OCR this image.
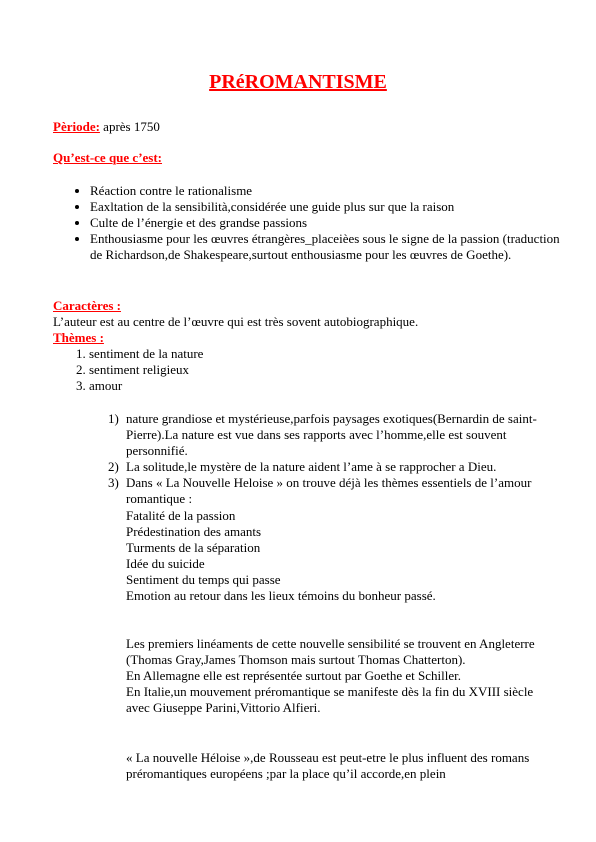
PRéROMANTISME
Pèriode: après 1750
Qu’est-ce que c’est:
• Réaction contre le rationalisme
• Eaxltation de la sensibilità,considérée une guide plus sur que la raison
• Culte de l’énergie et des grandse passions
• Enthousiasme pour les œuvres étrangères_placeièes sous le signe de la passion (traduction de Richardson,de Shakespeare,surtout enthousiasme pour les œuvres de Goethe).
Caractères :
L’auteur est au centre de l’œuvre qui est très sovent autobiographique.
Thèmes :
1. sentiment de la nature
2. sentiment religieux
3. amour
1) nature grandiose et mystérieuse,parfois paysages exotiques(Bernardin de saint-Pierre).La nature est vue dans ses rapports avec l’homme,elle est souvent personnifié.
2) La solitude,le mystère de la nature aident l’ame à se rapprocher a Dieu.
3) Dans « La Nouvelle Heloise » on trouve déjà les thèmes essentiels de l’amour romantique :

Fatalité de la passion

Prédestination des amants

Turments de la séparation

Idée du suicide

Sentiment du temps qui passe

Emotion au retour dans les lieux témoins du bonheur passé.

Les premiers linéaments de cette nouvelle sensibilité se trouvent en Angleterre (Thomas Gray,James Thomson mais surtout Thomas Chatterton).

En Allemagne elle est représentée surtout par Goethe et Schiller.

En Italie,un mouvement préromantique se manifeste dès la fin du XVIII siècle avec Giuseppe Parini,Vittorio Alfieri.

« La nouvelle Héloise »,de Rousseau est peut-etre le plus influent des romans préromantiques européens ;par la place qu’il accorde,en plein
